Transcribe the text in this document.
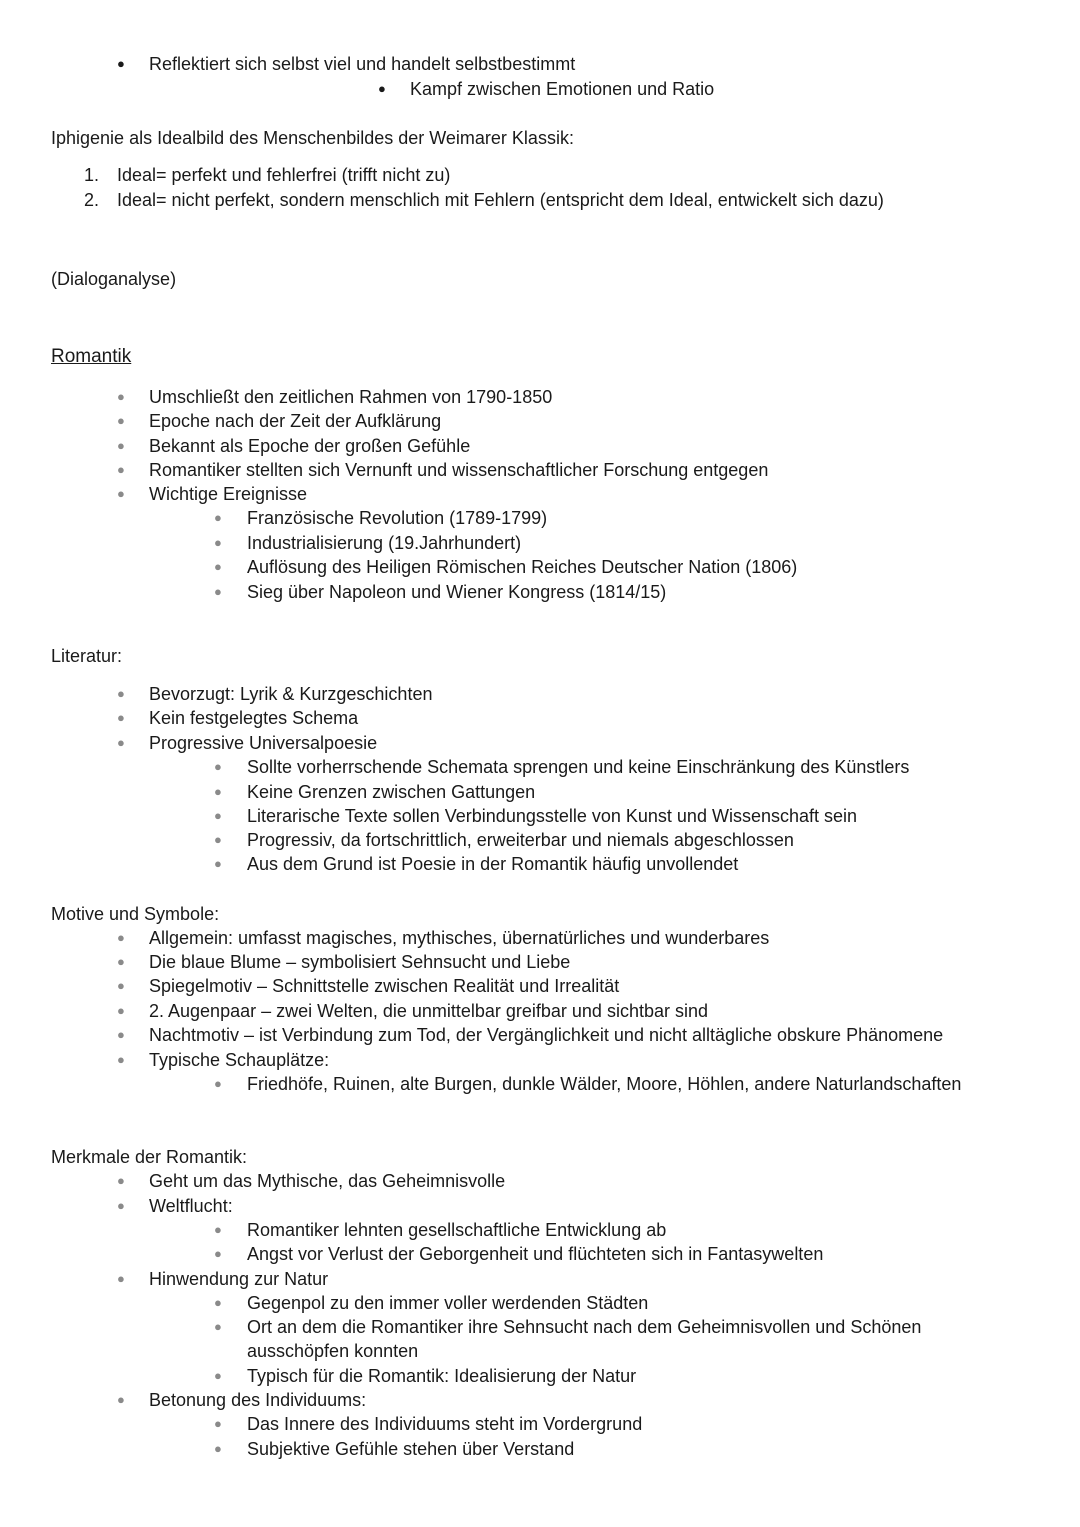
● Reflektiert sich selbst viel und handelt selbstbestimmt
● Kampf zwischen Emotionen und Ratio
Iphigenie als Idealbild des Menschenbildes der Weimarer Klassik:
1. Ideal= perfekt und fehlerfrei (trifft nicht zu)
2. Ideal= nicht perfekt, sondern menschlich mit Fehlern (entspricht dem Ideal, entwickelt sich dazu)
(Dialoganalyse)
Romantik
● Umschließt den zeitlichen Rahmen von 1790-1850
● Epoche nach der Zeit der Aufklärung
● Bekannt als Epoche der großen Gefühle
● Romantiker stellten sich Vernunft und wissenschaftlicher Forschung entgegen
● Wichtige Ereignisse
● Französische Revolution (1789-1799)
● Industrialisierung (19.Jahrhundert)
● Auflösung des Heiligen Römischen Reiches Deutscher Nation (1806)
● Sieg über Napoleon und Wiener Kongress (1814/15)
Literatur:
● Bevorzugt: Lyrik & Kurzgeschichten
● Kein festgelegtes Schema
● Progressive Universalpoesie
● Sollte vorherrschende Schemata sprengen und keine Einschränkung des Künstlers
● Keine Grenzen zwischen Gattungen
● Literarische Texte sollen Verbindungsstelle von Kunst und Wissenschaft sein
● Progressiv, da fortschrittlich, erweiterbar und niemals abgeschlossen
● Aus dem Grund ist Poesie in der Romantik häufig unvollendet
Motive und Symbole:
● Allgemein: umfasst magisches, mythisches, übernatürliches und wunderbares
● Die blaue Blume – symbolisiert Sehnsucht und Liebe
● Spiegelmotiv – Schnittstelle zwischen Realität und Irrealität
● 2. Augenpaar – zwei Welten, die unmittelbar greifbar und sichtbar sind
● Nachtmotiv – ist Verbindung zum Tod, der Vergänglichkeit und nicht alltägliche obskure Phänomene
● Typische Schauplätze:
● Friedhöfe, Ruinen, alte Burgen, dunkle Wälder, Moore, Höhlen, andere Naturlandschaften
Merkmale der Romantik:
● Geht um das Mythische, das Geheimnisvolle
● Weltflucht:
● Romantiker lehnten gesellschaftliche Entwicklung ab
● Angst vor Verlust der Geborgenheit und flüchteten sich in Fantasywelten
● Hinwendung zur Natur
● Gegenpol zu den immer voller werdenden Städten
● Ort an dem die Romantiker ihre Sehnsucht nach dem Geheimnisvollen und Schönen
ausschöpfen konnten
● Typisch für die Romantik: Idealisierung der Natur
● Betonung des Individuums:
● Das Innere des Individuums steht im Vordergrund
● Subjektive Gefühle stehen über Verstand
